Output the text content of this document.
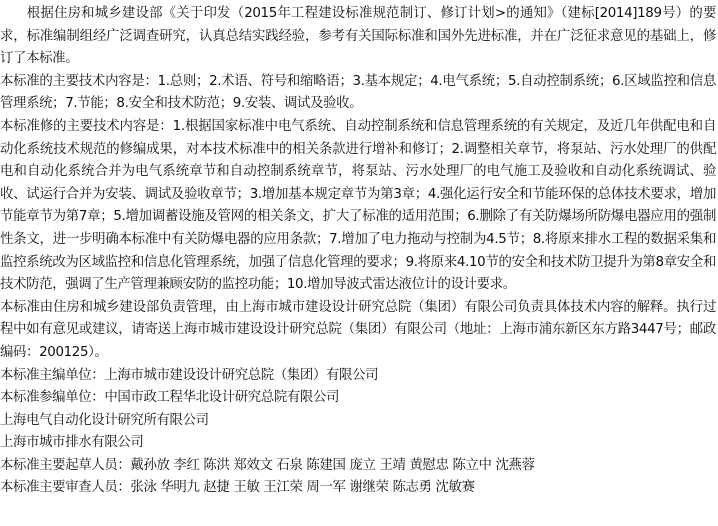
根据住房和城乡建设部《关于印发（2015年工程建设标准规范制订、修订计划>的通知》（建标[2014]189号）的要求，标准编制组经广泛调查研究，认真总结实践经验，参考有关国际标准和国外先进标准，并在广泛征求意见的基础上，修订了本标准。

本标准的主要技术内容是：1.总则；2.术语、符号和缩略语；3.基本规定；4.电气系统；5.自动控制系统；6.区域监控和信息管理系统；7.节能；8.安全和技术防范；9.安装、调试及验收。

本标准修的主要技术内容是：1.根据国家标准中电气系统、自动控制系统和信息管理系统的有关规定，及近几年供配电和自动化系统技术规范的修编成果，对本技术标准中的相关条款进行增补和修订；2.调整相关章节，将泵站、污水处理厂的供配电和自动化系统合并为电气系统章节和自动控制系统章节，将泵站、污水处理厂的电气施工及验收和自动化系统调试、验收、试运行合并为安装、调试及验收章节；3.增加基本规定章节为第3章；4.强化运行安全和节能环保的总体技术要求，增加节能章节为第7章；5.增加调蓄设施及管网的相关条文，扩大了标准的适用范围；6.删除了有关防爆场所防爆电器应用的强制性条文，进一步明确本标准中有关防爆电器的应用条款；7.增加了电力拖动与控制为4.5节；8.将原来排水工程的数据采集和监控系统改为区域监控和信息化管理系统，加强了信息化管理的要求；9.将原来4.10节的安全和技术防卫提升为第8章安全和技术防范，强调了生产管理兼顾安防的监控功能；10.增加导波式雷达液位计的设计要求。

本标准由住房和城乡建设部负责管理，由上海市城市建设设计研究总院（集团）有限公司负责具体技术内容的解释。执行过程中如有意见或建议，请寄送上海市城市建设设计研究总院（集团）有限公司（地址：上海市浦东新区东方路3447号；邮政编码：200125）。

本标准主编单位：上海市城市建设设计研究总院（集团）有限公司
本标准参编单位：中国市政工程华北设计研究总院有限公司
上海电气自动化设计研究所有限公司
上海市城市排水有限公司
本标准主要起草人员：戴孙放 李红 陈洪 郑效文 石泉 陈建国 庞立 王靖 黄慰忠 陈立中 沈燕蓉
本标准主要审查人员：张泳 华明九 赵捷 王敏 王江荣 周一军 谢继荣 陈志勇 沈敏赛
